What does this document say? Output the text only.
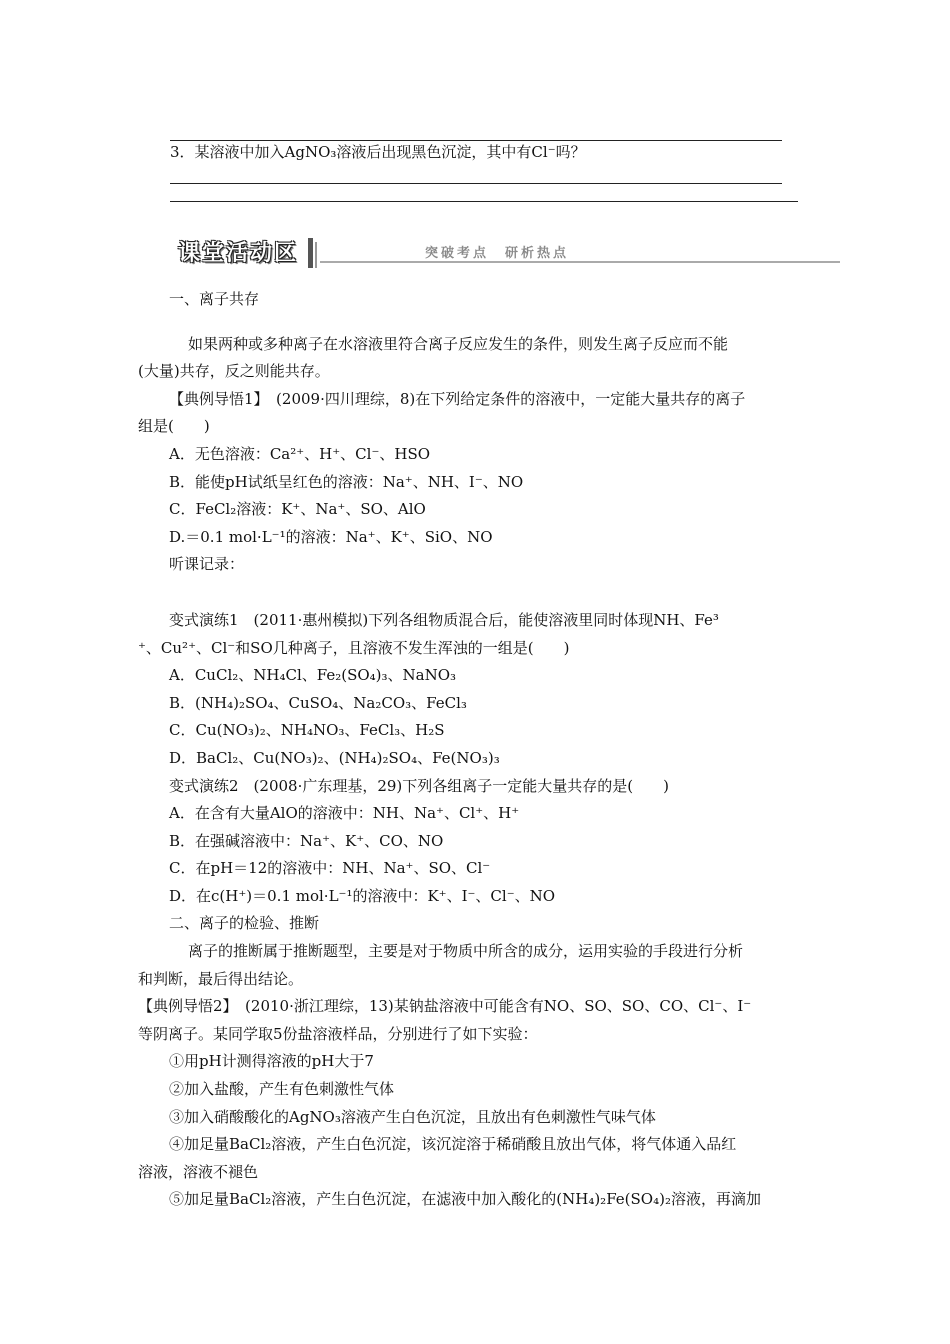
3．某溶液中加入AgNO₃溶液后出现黑色沉淀，其中有Cl⁻吗？
课堂活动区	突破考点　研析热点

一、离子共存

如果两种或多种离子在水溶液里符合离子反应发生的条件，则发生离子反应而不能

(大量)共存，反之则能共存。

【典例导悟1】　(2009·四川理综，8)在下列给定条件的溶液中，一定能大量共存的离子

组是(　　)

A．无色溶液：Ca²⁺、H⁺、Cl⁻、HSO

B．能使pH试纸呈红色的溶液：Na⁺、NH、I⁻、NO

C．FeCl₂溶液：K⁺、Na⁺、SO、AlO

D.＝0.1 mol·L⁻¹的溶液：Na⁺、K⁺、SiO、NO

听课记录：

变式演练1　(2011·惠州模拟)下列各组物质混合后，能使溶液里同时体现NH、Fe³

⁺、Cu²⁺、Cl⁻和SO几种离子，且溶液不发生浑浊的一组是(　　)

A．CuCl₂、NH₄Cl、Fe₂(SO₄)₃、NaNO₃

B．(NH₄)₂SO₄、CuSO₄、Na₂CO₃、FeCl₃

C．Cu(NO₃)₂、NH₄NO₃、FeCl₃、H₂S

D．BaCl₂、Cu(NO₃)₂、(NH₄)₂SO₄、Fe(NO₃)₃

变式演练2　(2008·广东理基，29)下列各组离子一定能大量共存的是(　　)

A．在含有大量AlO的溶液中：NH、Na⁺、Cl⁺、H⁺

B．在强碱溶液中：Na⁺、K⁺、CO、NO

C．在pH＝12的溶液中：NH、Na⁺、SO、Cl⁻

D．在c(H⁺)＝0.1 mol·L⁻¹的溶液中：K⁺、I⁻、Cl⁻、NO

二、离子的检验、推断

离子的推断属于推断题型，主要是对于物质中所含的成分，运用实验的手段进行分析

和判断，最后得出结论。

【典例导悟2】　(2010·浙江理综，13)某钠盐溶液中可能含有NO、SO、SO、CO、Cl⁻、I⁻

等阴离子。某同学取5份盐溶液样品，分别进行了如下实验：

①用pH计测得溶液的pH大于7

②加入盐酸，产生有色刺激性气体

③加入硝酸酸化的AgNO₃溶液产生白色沉淀，且放出有色刺激性气味气体

④加足量BaCl₂溶液，产生白色沉淀，该沉淀溶于稀硝酸且放出气体，将气体通入品红

溶液，溶液不褪色

⑤加足量BaCl₂溶液，产生白色沉淀，在滤液中加入酸化的(NH₄)₂Fe(SO₄)₂溶液，再滴加
